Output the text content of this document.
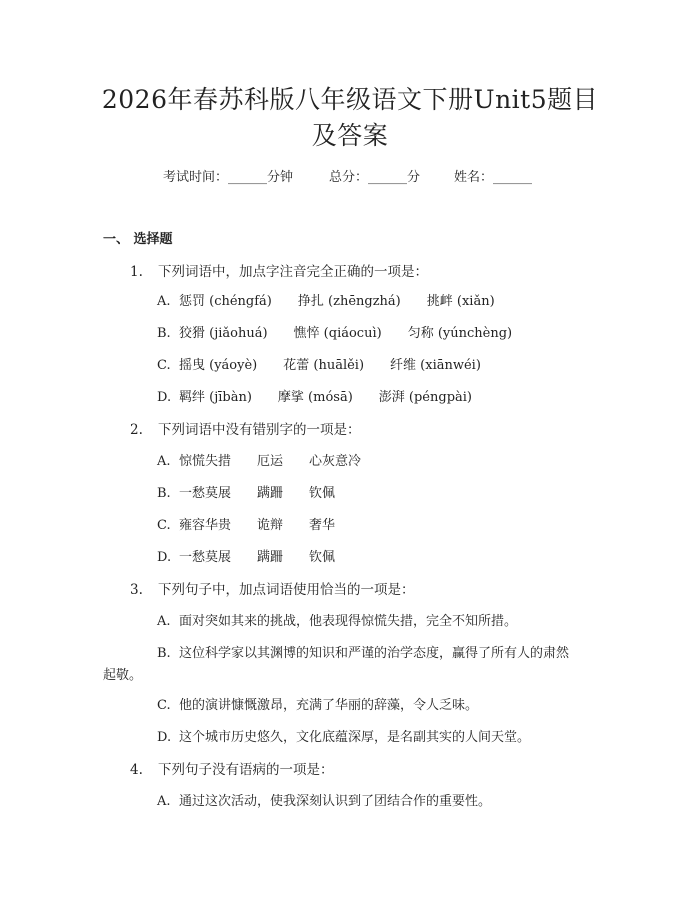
2026年春苏科版八年级语文下册Unit5题目
及答案
考试时间：______分钟	总分：______分	姓名：______
一、 选择题
1. 下列词语中，加点字注音完全正确的一项是：
A. 惩罚 (chéngfá) 挣扎 (zhēngzhá) 挑衅 (xiǎn)
B. 狡猾 (jiǎohuá) 憔悴 (qiáocuì) 匀称 (yúnchèng)
C. 摇曳 (yáoyè) 花蕾 (huālěi) 纤维 (xiānwéi)
D. 羁绊 (jībàn) 摩挲 (mósā) 澎湃 (péngpài)
2. 下列词语中没有错别字的一项是：
A. 惊慌失措 厄运 心灰意冷
B. 一愁莫展 蹒跚 钦佩
C. 雍容华贵 诡辩 奢华
D. 一愁莫展 蹒跚 钦佩
3. 下列句子中，加点词语使用恰当的一项是：
A. 面对突如其来的挑战，他表现得惊慌失措，完全不知所措。
B. 这位科学家以其渊博的知识和严谨的治学态度，赢得了所有人的肃然
起敬。
C. 他的演讲慷慨激昂，充满了华丽的辞藻，令人乏味。
D. 这个城市历史悠久，文化底蕴深厚，是名副其实的人间天堂。
4. 下列句子没有语病的一项是：
A. 通过这次活动，使我深刻认识到了团结合作的重要性。
